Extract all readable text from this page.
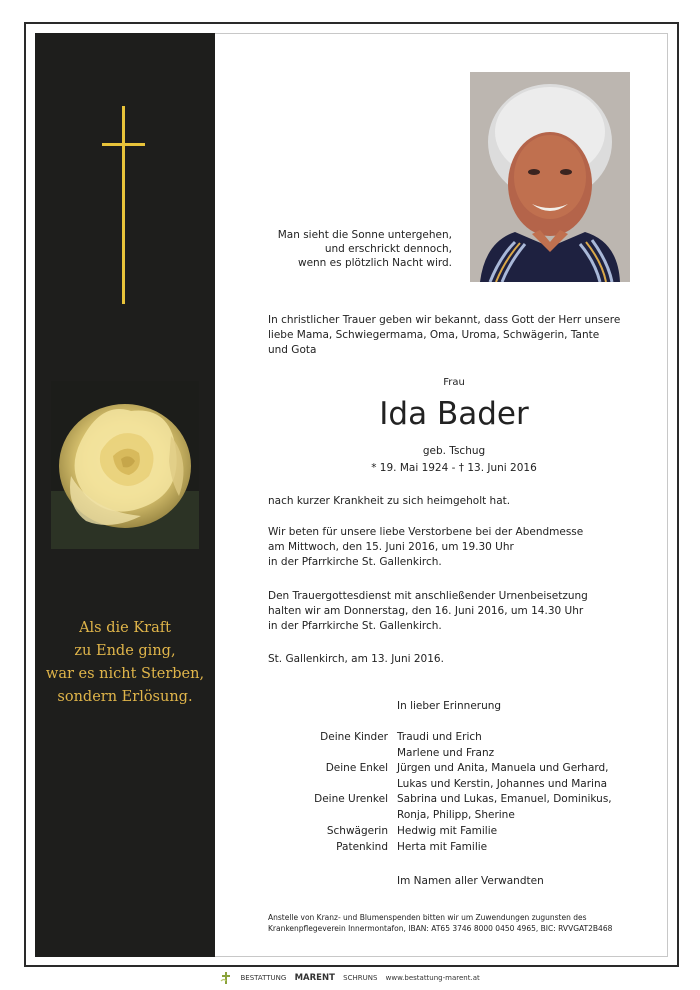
Als die Kraft
zu Ende ging,
war es nicht Sterben,
sondern Erlösung.
Man sieht die Sonne untergehen,
und erschrickt dennoch,
wenn es plötzlich Nacht wird.
In christlicher Trauer geben wir bekannt, dass Gott der Herr unsere
liebe Mama, Schwiegermama, Oma, Uroma, Schwägerin, Tante
und Gota
Frau
Ida Bader
geb. Tschug
* 19. Mai 1924 - † 13. Juni 2016
nach kurzer Krankheit zu sich heimgeholt hat.
Wir beten für unsere liebe Verstorbene bei der Abendmesse
am Mittwoch, den 15. Juni 2016, um 19.30 Uhr
in der Pfarrkirche St. Gallenkirch.
Den Trauergottesdienst mit anschließender Urnenbeisetzung
halten wir am Donnerstag, den 16. Juni 2016, um 14.30 Uhr
in der Pfarrkirche St. Gallenkirch.
St. Gallenkirch, am 13. Juni 2016.
In lieber Erinnerung
Deine Kinder Traudi und Erich
Marlene und Franz
Deine Enkel Jürgen und Anita, Manuela und Gerhard,
Lukas und Kerstin, Johannes und Marina
Deine Urenkel Sabrina und Lukas, Emanuel, Dominikus,
Ronja, Philipp, Sherine
Schwägerin Hedwig mit Familie
Patenkind Herta mit Familie
Im Namen aller Verwandten
Anstelle von Kranz- und Blumenspenden bitten wir um Zuwendungen zugunsten des
Krankenpflegeverein Innermontafon, IBAN: AT65 3746 8000 0450 4965, BIC: RVVGAT2B468
BESTATTUNG MARENT SCHRUNS www.bestattung-marent.at
